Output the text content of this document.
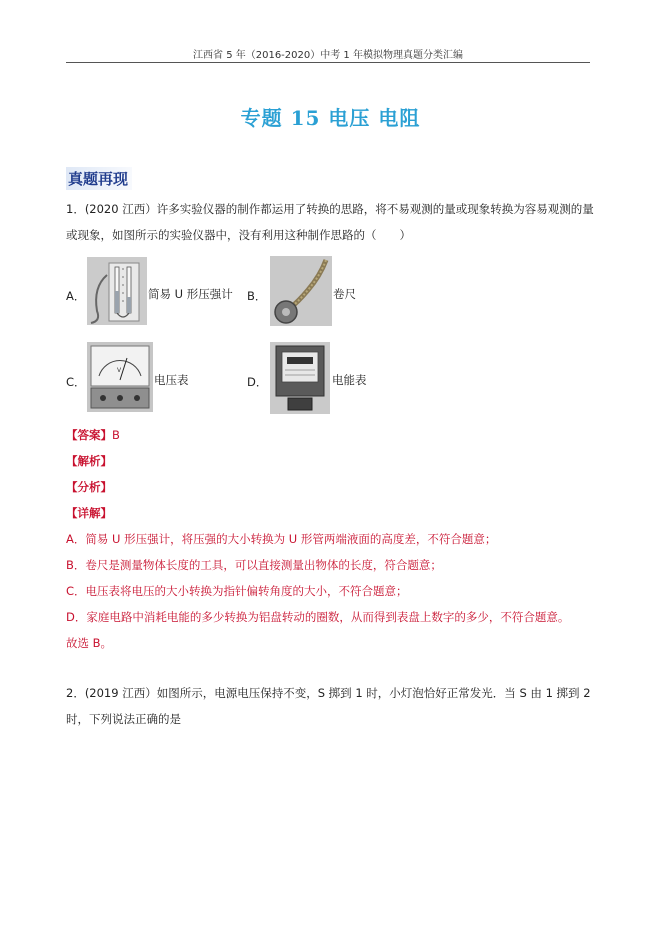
江西省 5 年（2016-2020）中考 1 年模拟物理真题分类汇编
专题 15 电压 电阻
真题再现
1．(2020 江西）许多实验仪器的制作都运用了转换的思路，将不易观测的量或现象转换为容易观测的量或现象，如图所示的实验仪器中，没有利用这种制作思路的（　　）
A．	简易 U 形压强计 B．	卷尺
C．
V
电压表	D．	电能表
【答案】B
【解析】
【分析】
【详解】
A．简易 U 形压强计，将压强的大小转换为 U 形管两端液面的高度差，不符合题意；
B．卷尺是测量物体长度的工具，可以直接测量出物体的长度，符合题意；
C．电压表将电压的大小转换为指针偏转角度的大小，不符合题意；
D．家庭电路中消耗电能的多少转换为铝盘转动的圈数，从而得到表盘上数字的多少，不符合题意。
故选 B。
2．(2019 江西）如图所示，电源电压保持不变，S 掷到 1 时，小灯泡恰好正常发光．当 S 由 1 掷到 2 时，下列说法正确的是
